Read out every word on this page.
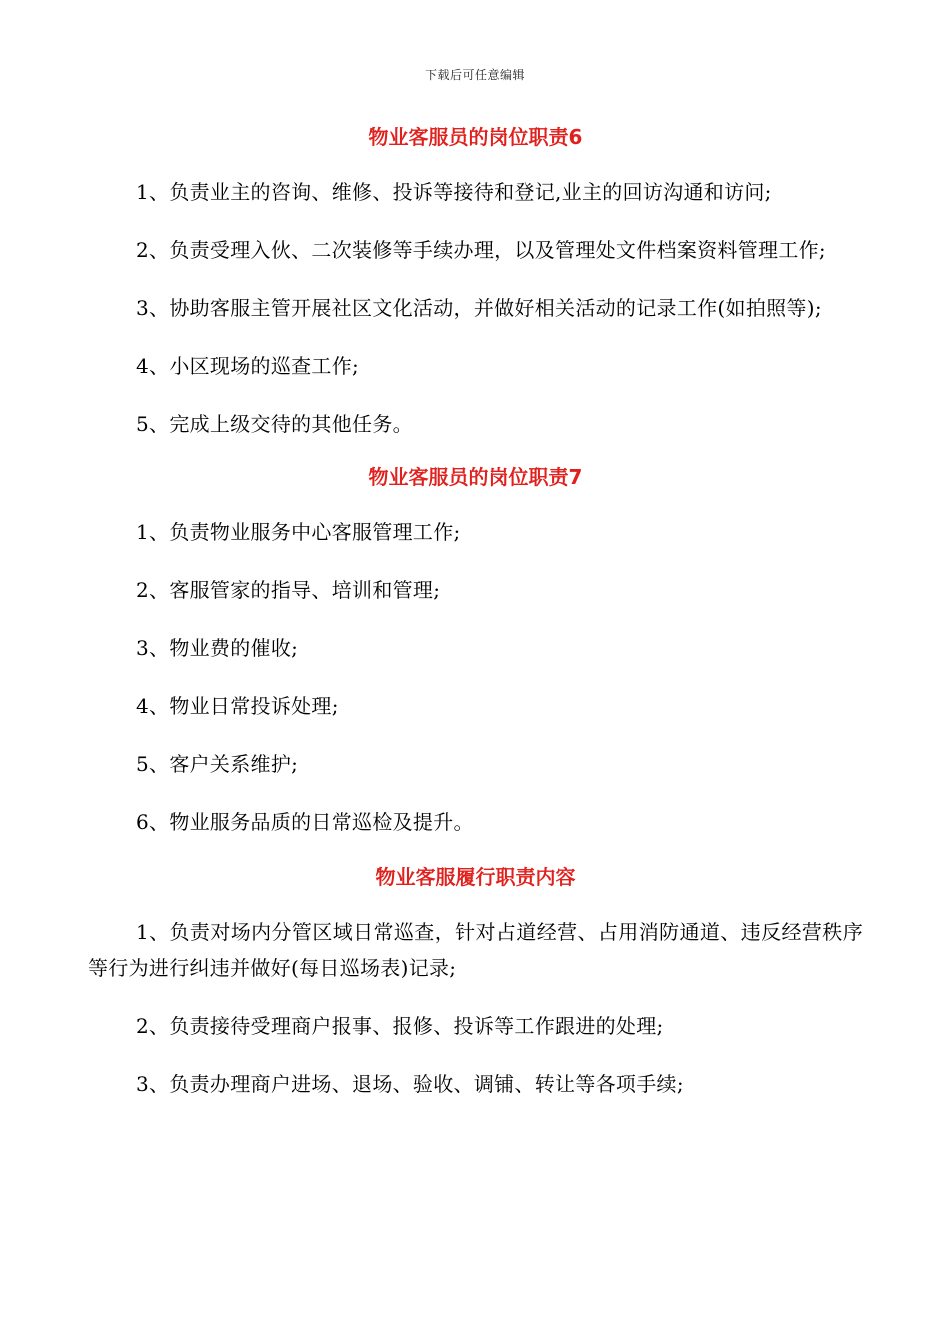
下载后可任意编辑
物业客服员的岗位职责6

1、负责业主的咨询、维修、投诉等接待和登记,业主的回访沟通和访问;

2、负责受理入伙、二次装修等手续办理，以及管理处文件档案资料管理工作;

3、协助客服主管开展社区文化活动，并做好相关活动的记录工作(如拍照等);

4、小区现场的巡查工作;

5、完成上级交待的其他任务。

物业客服员的岗位职责7

1、负责物业服务中心客服管理工作;

2、客服管家的指导、培训和管理;

3、物业费的催收;

4、物业日常投诉处理;

5、客户关系维护;

6、物业服务品质的日常巡检及提升。

物业客服履行职责内容

1、负责对场内分管区域日常巡查，针对占道经营、占用消防通道、违反经营秩序等行为进行纠违并做好(每日巡场表)记录;

2、负责接待受理商户报事、报修、投诉等工作跟进的处理;

3、负责办理商户进场、退场、验收、调铺、转让等各项手续;
